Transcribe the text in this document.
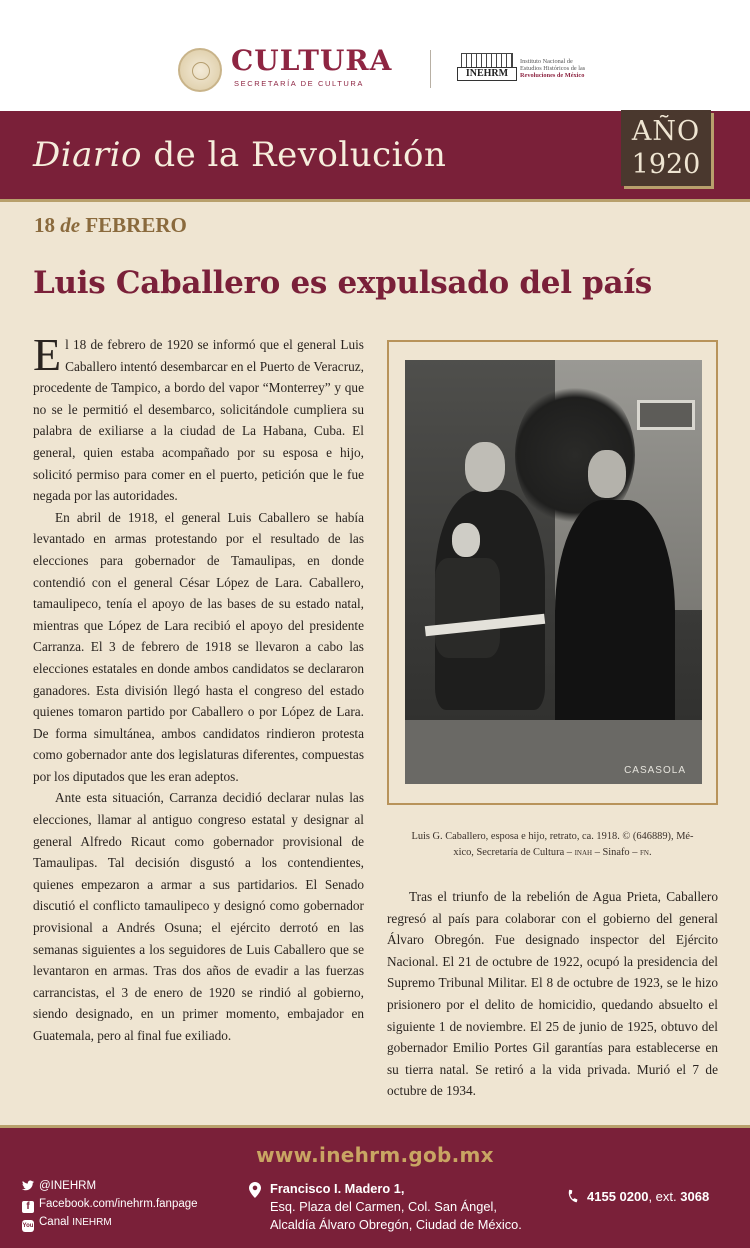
CULTURA
SECRETARÍA DE CULTURA
INEHRM
Instituto Nacional de
Estudios Históricos de las
Revoluciones de México
Diario de la Revolución
AÑO
1920
18 de FEBRERO
Luis Caballero es expulsado del país

El 18 de febrero de 1920 se informó que el general Luis Caballero intentó desembarcar en el Puerto de Veracruz, procedente de Tampico, a bordo del vapor “Monterrey” y que no se le permitió el desembarco, solicitándole cumpliera su palabra de exiliarse a la ciudad de La Habana, Cuba. El general, quien estaba acompañado por su esposa e hijo, solicitó permiso para comer en el puerto, petición que le fue negada por las autoridades.

En abril de 1918, el general Luis Caballero se había levantado en armas protestando por el resultado de las elecciones para gobernador de Tamaulipas, en donde contendió con el general César López de Lara. Caballero, tamaulipeco, tenía el apoyo de las bases de su estado natal, mientras que López de Lara recibió el apoyo del presidente Carranza. El 3 de febrero de 1918 se llevaron a cabo las elecciones estatales en donde ambos candidatos se declararon ganadores. Esta división llegó hasta el congreso del estado quienes tomaron partido por Caballero o por López de Lara. De forma simultánea, ambos candidatos rindieron protesta como gobernador ante dos legislaturas diferentes, compuestas por los diputados que les eran adeptos.

Ante esta situación, Carranza decidió declarar nulas las elecciones, llamar al antiguo congreso estatal y designar al general Alfredo Ricaut como gobernador provisional de Tamaulipas. Tal decisión disgustó a los contendientes, quienes empezaron a armar a sus partidarios. El Senado discutió el conflicto tamaulipeco y designó como gobernador provisional a Andrés Osuna; el ejército derrotó en las semanas siguientes a los seguidores de Luis Caballero que se levantaron en armas. Tras dos años de evadir a las fuerzas carrancistas, el 3 de enero de 1920 se rindió al gobierno, siendo designado, en un primer momento, embajador en Guatemala, pero al final fue exiliado.

CASASOLA
Luis G. Caballero, esposa e hijo, retrato, ca. 1918. © (646889), Mé-
xico, Secretaría de Cultura – inah – Sinafo – fn.

Tras el triunfo de la rebelión de Agua Prieta, Caballero regresó al país para colaborar con el gobierno del general Álvaro Obregón. Fue designado inspector del Ejército Nacional. El 21 de octubre de 1922, ocupó la presidencia del Supremo Tribunal Militar. El 8 de octubre de 1923, se le hizo prisionero por el delito de homicidio, quedando absuelto el siguiente 1 de noviembre. El 25 de junio de 1925, obtuvo del gobernador Emilio Portes Gil garantías para establecerse en su tierra natal. Se retiró a la vida privada. Murió el 7 de octubre de 1934.

www.inehrm.gob.mx
@INEHRM
f Facebook.com/inehrm.fanpage
You Canal INEHRM
Francisco I. Madero 1,
Esq. Plaza del Carmen, Col. San Ángel,
Alcaldía Álvaro Obregón, Ciudad de México.
4155 0200, ext. 3068
